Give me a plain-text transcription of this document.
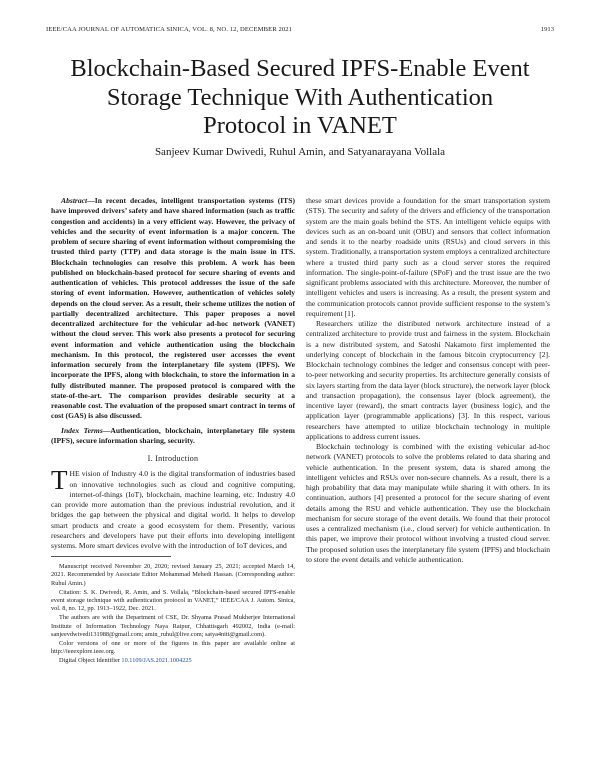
IEEE/CAA JOURNAL OF AUTOMATICA SINICA, VOL. 8, NO. 12, DECEMBER 2021	1913
Blockchain-Based Secured IPFS-Enable Event
Storage Technique With Authentication
Protocol in VANET
Sanjeev Kumar Dwivedi, Ruhul Amin, and Satyanarayana Vollala

Abstract—In recent decades, intelligent transportation systems (ITS) have improved drivers’ safety and have shared information (such as traffic congestion and accidents) in a very efficient way. However, the privacy of vehicles and the security of event information is a major concern. The problem of secure sharing of event information without compromising the trusted third party (TTP) and data storage is the main issue in ITS. Blockchain technologies can resolve this problem. A work has been published on blockchain-based protocol for secure sharing of events and authentication of vehicles. This protocol addresses the issue of the safe storing of event information. However, authentication of vehicles solely depends on the cloud server. As a result, their scheme utilizes the notion of partially decentralized architecture. This paper proposes a novel decentralized architecture for the vehicular ad-hoc network (VANET) without the cloud server. This work also presents a protocol for securing event information and vehicle authentication using the blockchain mechanism. In this protocol, the registered user accesses the event information securely from the interplanetary file system (IPFS). We incorporate the IPFS, along with blockchain, to store the information in a fully distributed manner. The proposed protocol is compared with the state-of-the-art. The comparison provides desirable security at a reasonable cost. The evaluation of the proposed smart contract in terms of cost (GAS) is also discussed.

Index Terms—Authentication, blockchain, interplanetary file system (IPFS), secure information sharing, security.

I. Introduction

THE vision of Industry 4.0 is the digital transformation of industries based on innovative technologies such as cloud and cognitive computing, internet-of-things (IoT), blockchain, machine learning, etc. Industry 4.0 can provide more automation than the previous industrial revolution, and it bridges the gap between the physical and digital world. It helps to develop smart products and create a good ecosystem for them. Presently, various researchers and developers have put their efforts into developing intelligent systems. More smart devices evolve with the introduction of IoT devices, and

Manuscript received November 20, 2020; revised January 25, 2021; accepted March 14, 2021. Recommended by Associate Editor Mohammad Mehedi Hassan. (Corresponding author: Ruhul Amin.)

Citation: S. K. Dwivedi, R. Amin, and S. Vollala, “Blockchain-based secured IPFS-enable event storage technique with authentication protocol in VANET,” IEEE/CAA J. Autom. Sinica, vol. 8, no. 12, pp. 1913–1922, Dec. 2021.

The authors are with the Department of CSE, Dr. Shyama Prasad Mukherjee International Institute of Information Technology Naya Raipur, Chhattisgarh 492002, India (e-mail: sanjeevdwivedi131988@gmail.com; amin_ruhul@live.com; satya4nitt@gmail.com).

Color versions of one or more of the figures in this paper are available online at http://ieeexplore.ieee.org.

Digital Object Identifier 10.1109/JAS.2021.1004225

these smart devices provide a foundation for the smart transportation system (STS). The security and safety of the drivers and efficiency of the transportation system are the main goals behind the STS. An intelligent vehicle equips with devices such as an on-board unit (OBU) and sensors that collect information and sends it to the nearby roadside units (RSUs) and cloud servers in this system. Traditionally, a transportation system employs a centralized architecture where a trusted third party such as a cloud server stores the required information. The single-point-of-failure (SPoF) and the trust issue are the two significant problems associated with this architecture. Moreover, the number of intelligent vehicles and users is increasing. As a result, the present system and the communication protocols cannot provide sufficient response to the system’s requirement [1].

Researchers utilize the distributed network architecture instead of a centralized architecture to provide trust and fairness in the system. Blockchain is a new distributed system, and Satoshi Nakamoto first implemented the underlying concept of blockchain in the famous bitcoin cryptocurrency [2]. Blockchain technology combines the ledger and consensus concept with peer-to-peer networking and security properties. Its architecture generally consists of six layers starting from the data layer (block structure), the network layer (block and transaction propagation), the consensus layer (block agreement), the incentive layer (reward), the smart contracts layer (business logic), and the application layer (programmable applications) [3]. In this respect, various researchers have attempted to utilize blockchain technology in multiple applications to address current issues.

Blockchain technology is combined with the existing vehicular ad-hoc network (VANET) protocols to solve the problems related to data sharing and vehicle authentication. In the present system, data is shared among the intelligent vehicles and RSUs over non-secure channels. As a result, there is a high probability that data may manipulate while sharing it with others. In its continuation, authors [4] presented a protocol for the secure sharing of event details among the RSU and vehicle authentication. They use the blockchain mechanism for secure storage of the event details. We found that their protocol uses a centralized mechanism (i.e., cloud server) for vehicle authentication. In this paper, we improve their protocol without involving a trusted cloud server. The proposed solution uses the interplanetary file system (IPFS) and blockchain to store the event details and vehicle authentication.
